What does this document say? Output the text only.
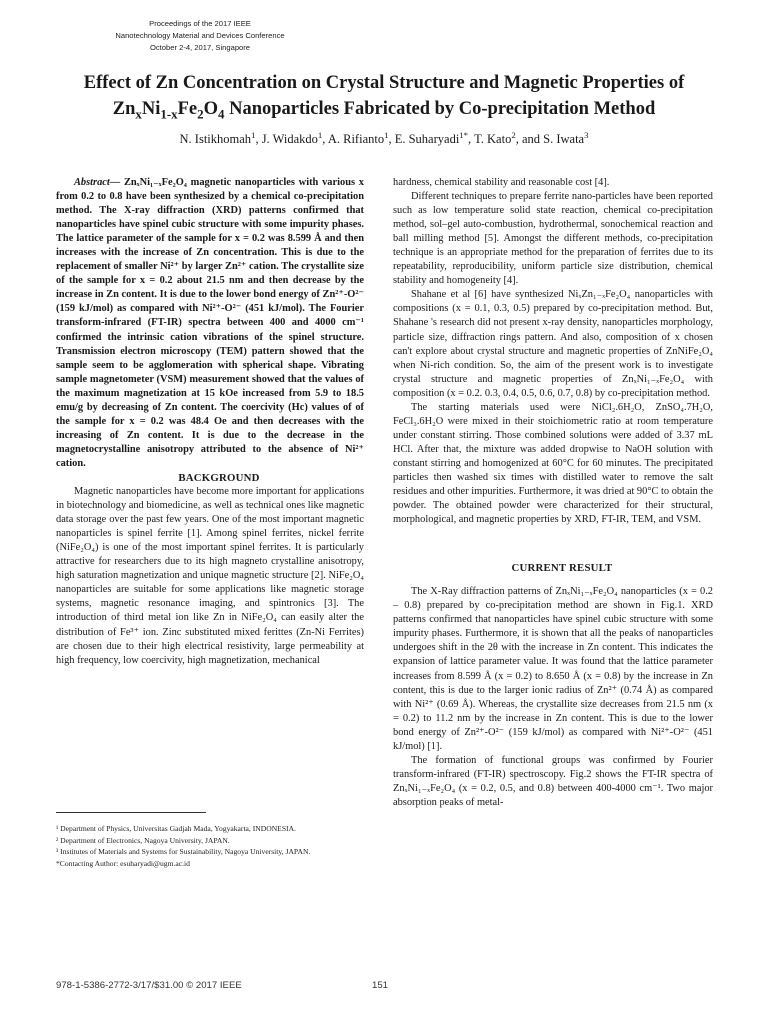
Proceedings of the 2017 IEEE
Nanotechnology Material and Devices Conference
October 2-4, 2017, Singapore
Effect of Zn Concentration on Crystal Structure and Magnetic Properties of
$Zn_xNi_{1-x}Fe_2O_4$ Nanoparticles Fabricated by Co-precipitation Method
N. Istikhomah$^1$, J. Widakdo$^1$, A. Rifianto$^1$, E. Suharyadi$^{1*}$, T. Kato$^2$, and S. Iwata$^3$

Abstract— ZnₓNi₁₋ₓFe₂O₄ magnetic nanoparticles with various x from 0.2 to 0.8 have been synthesized by a chemical co-precipitation method. The X-ray diffraction (XRD) patterns confirmed that nanoparticles have spinel cubic structure with some impurity phases. The lattice parameter of the sample for x = 0.2 was 8.599 Å and then increases with the increase of Zn concentration. This is due to the replacement of smaller Ni²⁺ by larger Zn²⁺ cation. The crystallite size of the sample for x = 0.2 about 21.5 nm and then decrease by the increase in Zn content. It is due to the lower bond energy of Zn²⁺-O²⁻ (159 kJ/mol) as compared with Ni²⁺-O²⁻ (451 kJ/mol). The Fourier transform-infrared (FT-IR) spectra between 400 and 4000 cm⁻¹ confirmed the intrinsic cation vibrations of the spinel structure. Transmission electron microscopy (TEM) pattern showed that the sample seem to be agglomeration with spherical shape. Vibrating sample magnetometer (VSM) measurement showed that the values of the maximum magnetization at 15 kOe increased from 5.9 to 18.5 emu/g by decreasing of Zn content. The coercivity (Hc) values of of the sample for x = 0.2 was 48.4 Oe and then decreases with the increasing of Zn content. It is due to the decrease in the magnetocrystalline anisotropy attributed to the absence of Ni²⁺ cation.

BACKGROUND

Magnetic nanoparticles have become more important for applications in biotechnology and biomedicine, as well as technical ones like magnetic data storage over the past few years. One of the most important magnetic nanoparticles is spinel ferrite [1]. Among spinel ferrites, nickel ferrite (NiFe₂O₄) is one of the most important spinel ferrites. It is particularly attractive for researchers due to its high magneto crystalline anisotropy, high saturation magnetization and unique magnetic structure [2]. NiFe₂O₄ nanoparticles are suitable for some applications like magnetic storage systems, magnetic resonance imaging, and spintronics [3]. The introduction of third metal ion like Zn in NiFe₂O₄ can easily alter the distribution of Fe³⁺ ion. Zinc substituted mixed ferittes (Zn-Ni Ferrites) are chosen due to their high electrical resistivity, large permeability at high frequency, low coercivity, high magnetization, mechanical

hardness, chemical stability and reasonable cost [4].

Different techniques to prepare ferrite nano-particles have been reported such as low temperature solid state reaction, chemical co-precipitation method, sol–gel auto-combustion, hydrothermal, sonochemical reaction and ball milling method [5]. Amongst the different methods, co-precipitation technique is an appropriate method for the preparation of ferrites due to its repeatability, reproducibility, uniform particle size distribution, chemical stability and homogeneity [4].

Shahane et al [6] have synthesized NiₓZn₁₋ₓFe₂O₄ nanoparticles with compositions (x = 0.1, 0.3, 0.5) prepared by co-precipitation method. But, Shahane 's research did not present x-ray density, nanoparticles morphology, particle size, diffraction rings pattern. And also, composition of x chosen can't explore about crystal structure and magnetic properties of ZnNiFe₂O₄ when Ni-rich condition. So, the aim of the present work is to investigate crystal structure and magnetic properties of ZnₓNi₁₋ₓFe₂O₄ with composition (x = 0.2. 0.3, 0.4, 0.5, 0.6, 0.7, 0.8) by co-precipitation method.

The starting materials used were NiCl₂.6H₂O, ZnSO₄.7H₂O, FeCl₃.6H₂O were mixed in their stoichiometric ratio at room temperature under constant stirring. Those combined solutions were added of 3.37 mL HCl. After that, the mixture was added dropwise to NaOH solution with constant stirring and homogenized at 60°C for 60 minutes. The precipitated particles then washed six times with distilled water to remove the salt residues and other impurities. Furthermore, it was dried at 90°C to obtain the powder. The obtained powder were characterized for their structural, morphological, and magnetic properties by XRD, FT-IR, TEM, and VSM.

CURRENT RESULT

The X-Ray diffraction patterns of ZnₓNi₁₋ₓFe₂O₄ nanoparticles (x = 0.2 – 0.8) prepared by co-precipitation method are shown in Fig.1. XRD patterns confirmed that nanoparticles have spinel cubic structure with some impurity phases. Furthermore, it is shown that all the peaks of nanoparticles undergoes shift in the 2θ with the increase in Zn content. This indicates the expansion of lattice parameter value. It was found that the lattice parameter increases from 8.599 Å (x = 0.2) to 8.650 Å (x = 0.8) by the increase in Zn content, this is due to the larger ionic radius of Zn²⁺ (0.74 Å) as compared with Ni²⁺ (0.69 Å). Whereas, the crystallite size decreases from 21.5 nm (x = 0.2) to 11.2 nm by the increase in Zn content. This is due to the lower bond energy of Zn²⁺-O²⁻ (159 kJ/mol) as compared with Ni²⁺-O²⁻ (451 kJ/mol) [1].

The formation of functional groups was confirmed by Fourier transform-infrared (FT-IR) spectroscopy. Fig.2 shows the FT-IR spectra of ZnₓNi₁₋ₓFe₂O₄ (x = 0.2, 0.5, and 0.8) between 400-4000 cm⁻¹. Two major absorption peaks of metal-

¹ Department of Physics, Universitas Gadjah Mada, Yogyakarta, INDONESIA.
² Department of Electronics, Nagoya University, JAPAN.
³ Institutes of Materials and Systems for Sustainability, Nagoya University, JAPAN.
*Contacting Author: esuharyadi@ugm.ac.id
978-1-5386-2772-3/17/$31.00 © 2017 IEEE	151
